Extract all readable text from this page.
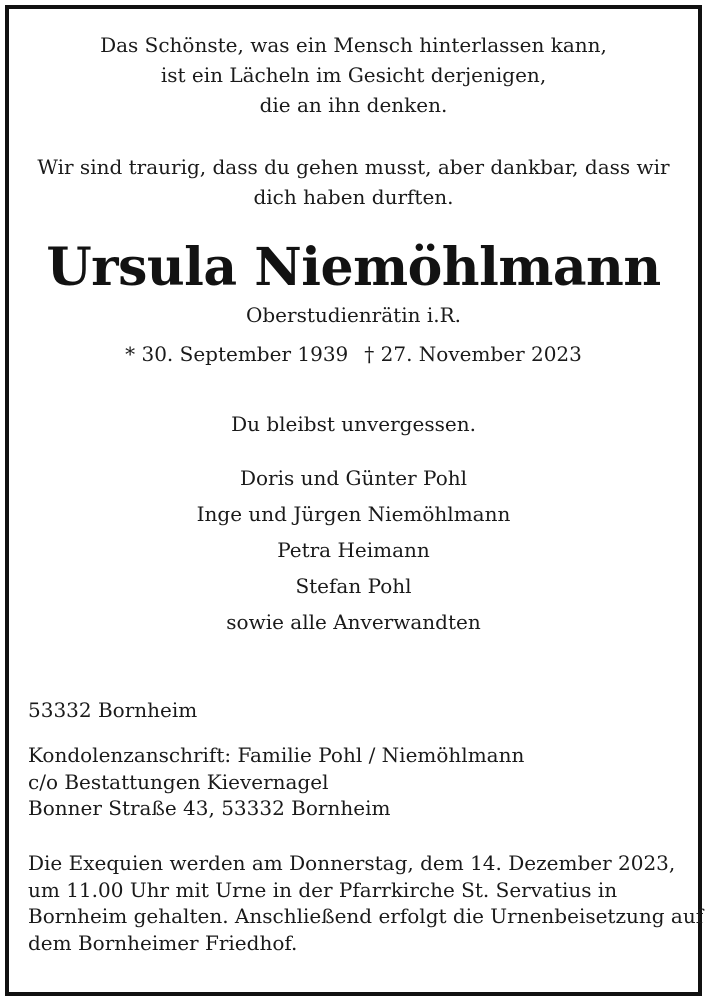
Das Schönste, was ein Mensch hinterlassen kann,
ist ein Lächeln im Gesicht derjenigen,
die an ihn denken.
Wir sind traurig, dass du gehen musst, aber dankbar, dass wir
dich haben durften.
Ursula Niemöhlmann
Oberstudienrätin i.R.
* 30. September 1939 † 27. November 2023
Du bleibst unvergessen.
Doris und Günter Pohl
Inge und Jürgen Niemöhlmann
Petra Heimann
Stefan Pohl
sowie alle Anverwandten
53332 Bornheim
Kondolenzanschrift: Familie Pohl / Niemöhlmann
c/o Bestattungen Kievernagel
Bonner Straße 43, 53332 Bornheim
Die Exequien werden am Donnerstag, dem 14. Dezember 2023,
um 11.00 Uhr mit Urne in der Pfarrkirche St. Servatius in
Bornheim gehalten. Anschließend erfolgt die Urnenbeisetzung auf
dem Bornheimer Friedhof.
